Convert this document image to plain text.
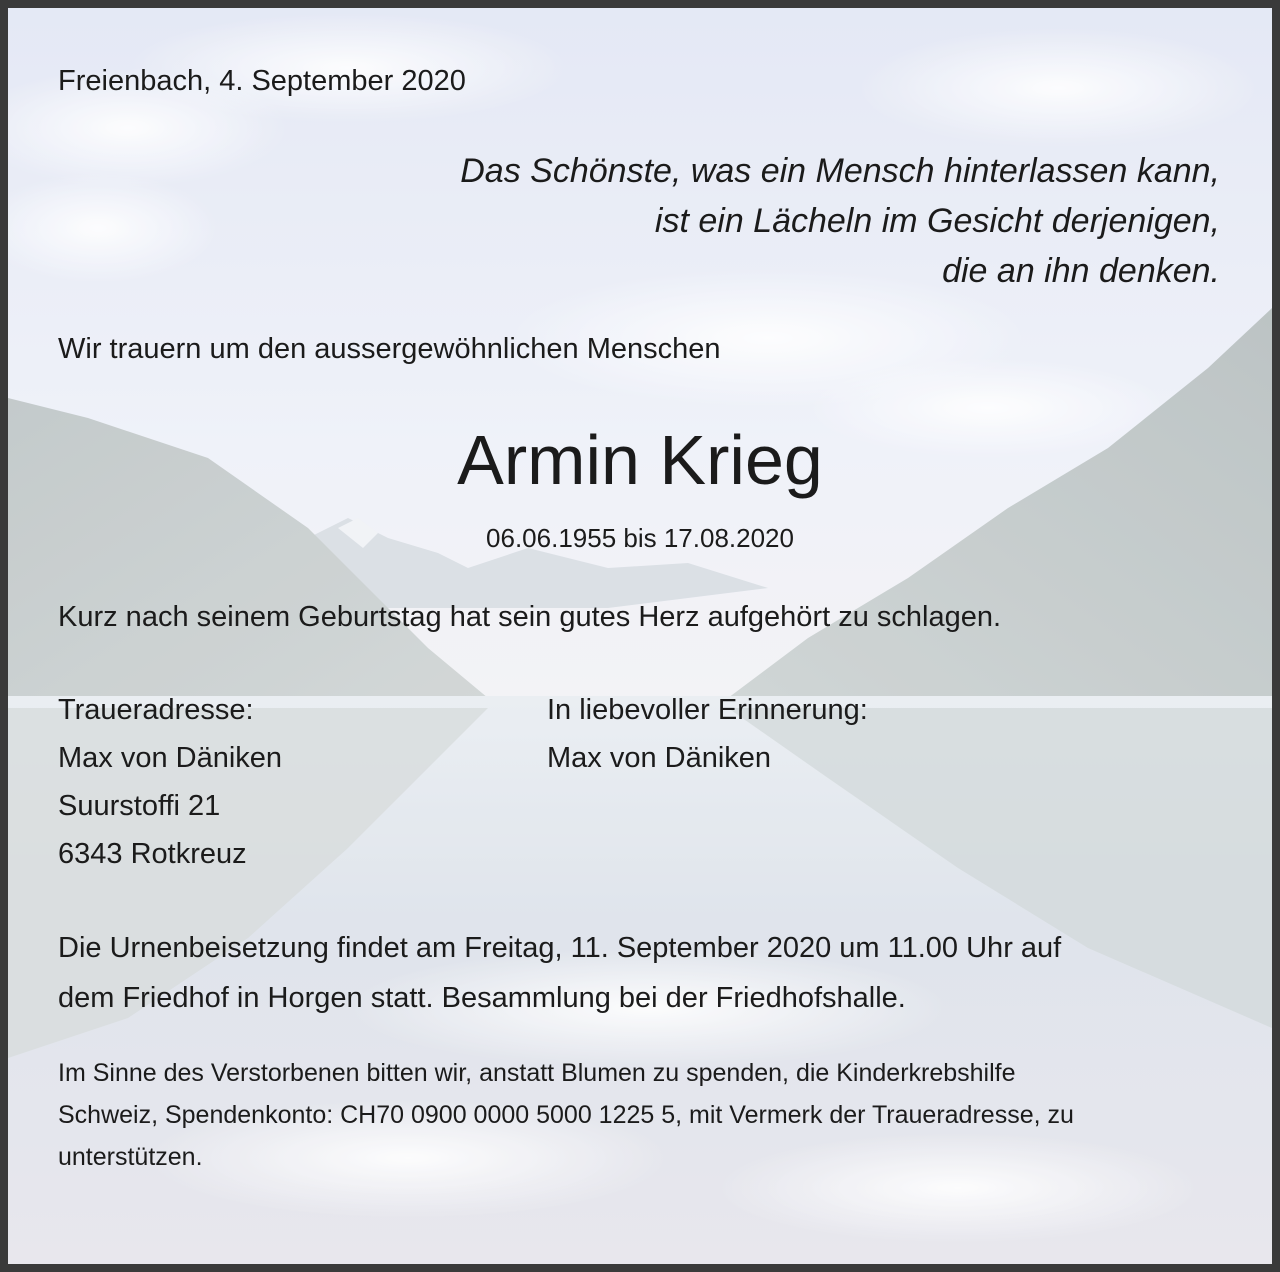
Freienbach, 4. September 2020
Das Schönste, was ein Mensch hinterlassen kann,
ist ein Lächeln im Gesicht derjenigen,
die an ihn denken.
Wir trauern um den aussergewöhnlichen Menschen
Armin Krieg
06.06.1955 bis 17.08.2020
Kurz nach seinem Geburtstag hat sein gutes Herz aufgehört zu schlagen.
Traueradresse:
Max von Däniken
Suurstoffi 21
6343 Rotkreuz
In liebevoller Erinnerung:
Max von Däniken
Die Urnenbeisetzung findet am Freitag, 11. September 2020 um 11.00 Uhr auf
dem Friedhof in Horgen statt. Besammlung bei der Friedhofshalle.
Im Sinne des Verstorbenen bitten wir, anstatt Blumen zu spenden, die Kinderkrebshilfe
Schweiz, Spendenkonto: CH70 0900 0000 5000 1225 5, mit Vermerk der Traueradresse, zu
unterstützen.
